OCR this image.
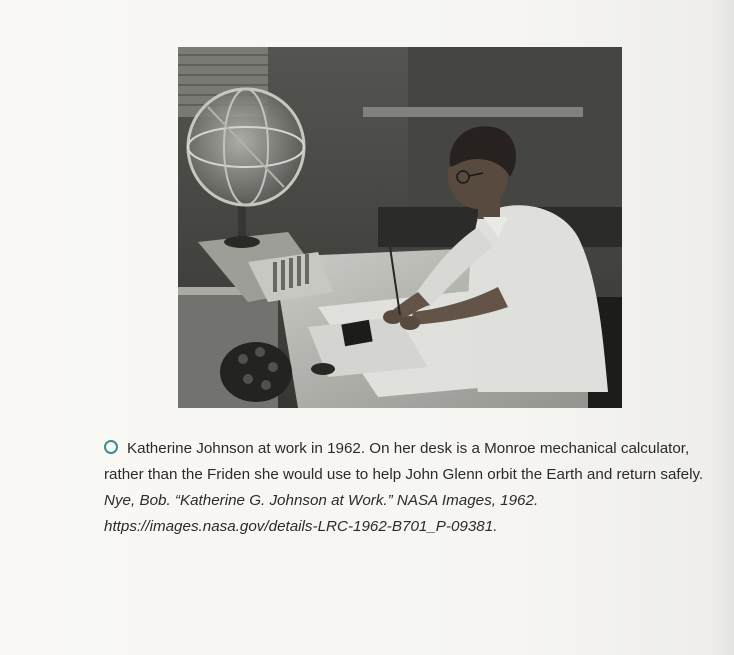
Katherine Johnson at work in 1962. On her desk is a Monroe mechanical calculator, rather than the Friden she would use to help John Glenn orbit the Earth and return safely. Nye, Bob. “Katherine G. Johnson at Work.” NASA Images, 1962. https://images.nasa.gov/details-LRC-1962-B701_P-09381.
